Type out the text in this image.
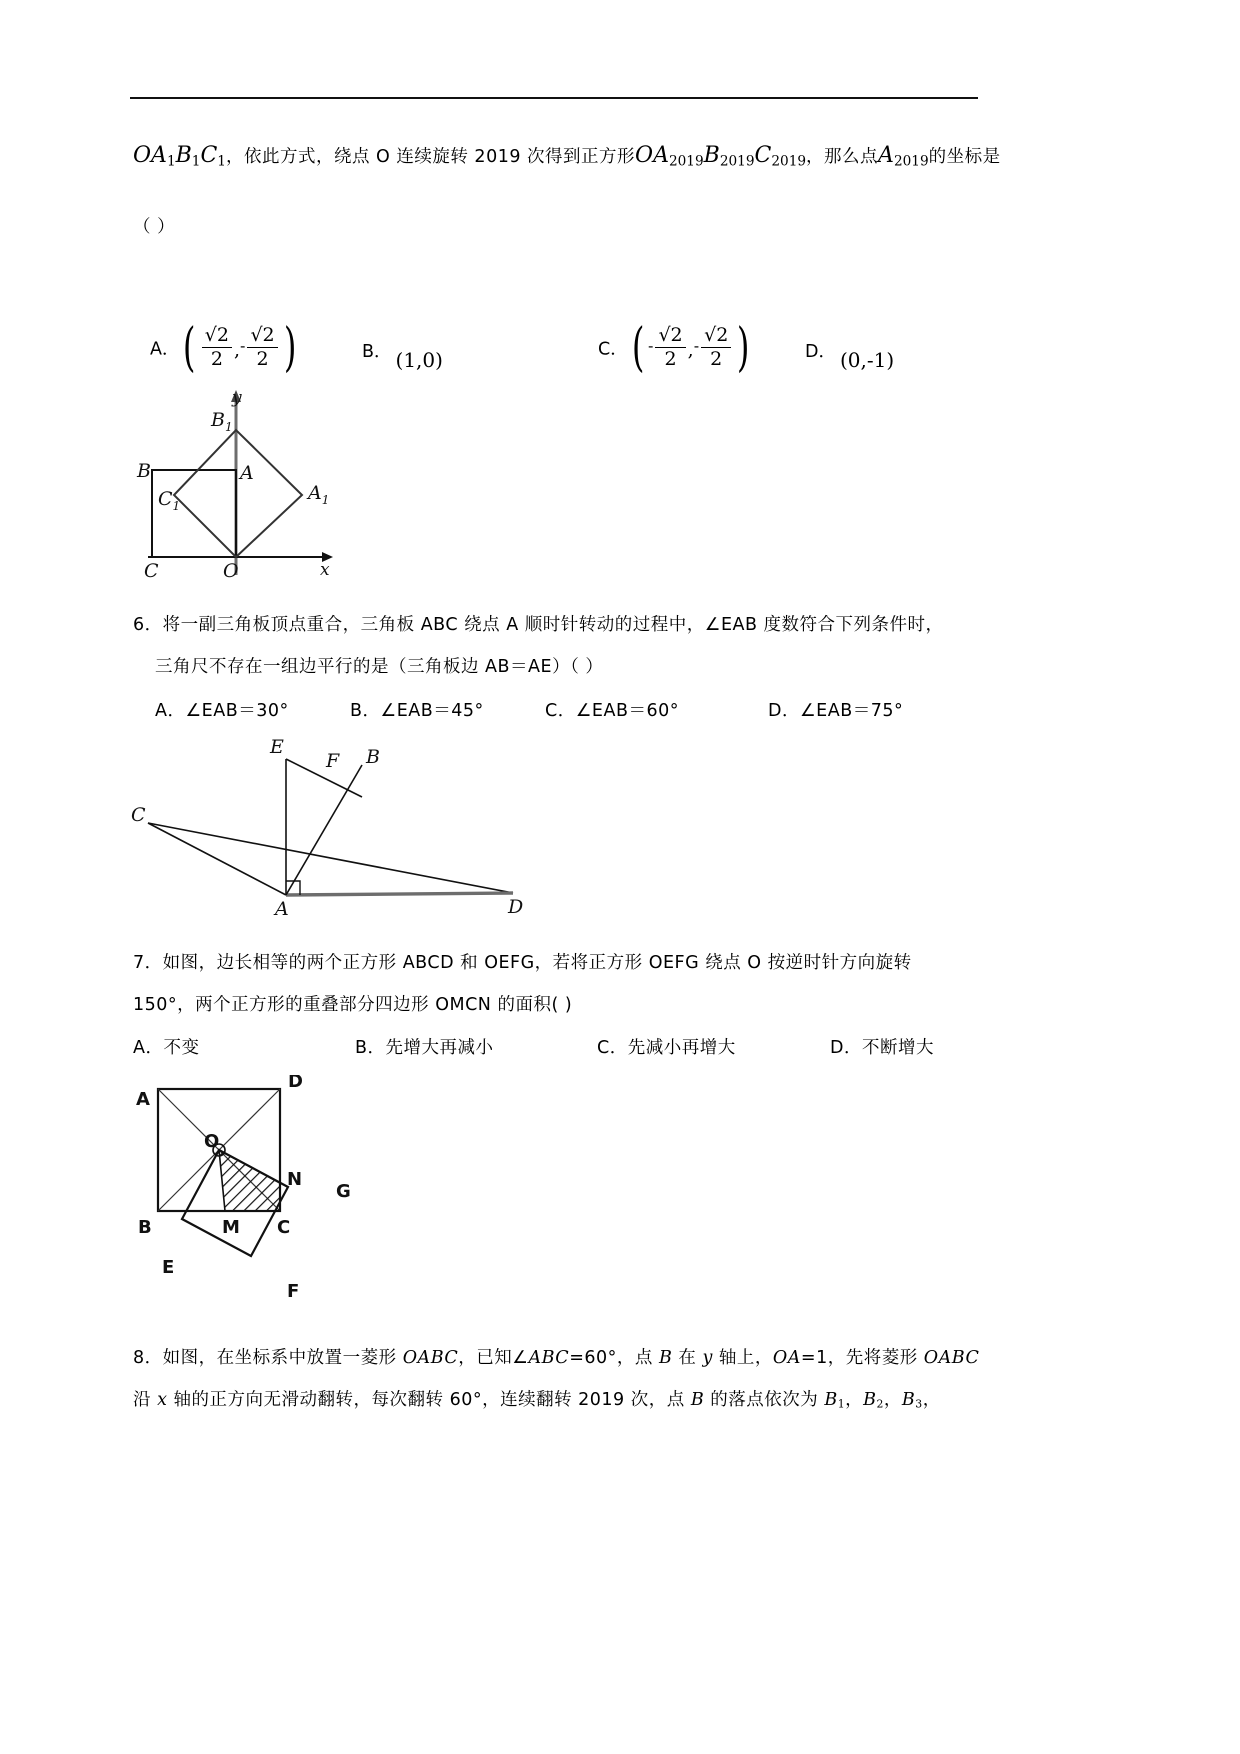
$OA_1B_1C_1$，依此方式，绕点 O 连续旋转 2019 次得到正方形$OA_{2019}B_{2019}C_{2019}$，那么点$A_{2019}$的坐标是
（ ）
A．( $\frac{√2}{2}$ ,- $\frac{√2}{2}$ )	B． (1,0)	C．( - $\frac{√2}{2}$ ,- $\frac{√2}{2}$ )	D． (0,‑1)
B	A
C	O
$B_1$
$C_1$
$A_1$
y
x
6．将一副三角板顶点重合，三角板 ABC 绕点 A 顺时针转动的过程中，∠EAB 度数符合下列条件时，
三角尺不存在一组边平行的是（三角板边 AB＝AE）（ ）
A．∠EAB＝30°	B．∠EAB＝45°	C．∠EAB＝60°	D．∠EAB＝75°
E
F B
C
A	D
7．如图，边长相等的两个正方形 ABCD 和 OEFG，若将正方形 OEFG 绕点 O 按逆时针方向旋转
150°，两个正方形的重叠部分四边形 OMCN 的面积( )
A．不变	B．先增大再减小	C．先减小再增大	D．不断增大
A
D
B	C
O
M
N
G
E
F
8．如图，在坐标系中放置一菱形 OABC，已知∠ABC=60°，点 B 在 y 轴上，OA=1，先将菱形 OABC
沿 x 轴的正方向无滑动翻转，每次翻转 60°，连续翻转 2019 次，点 B 的落点依次为 $B_1$，$B_2$，$B_3$，
